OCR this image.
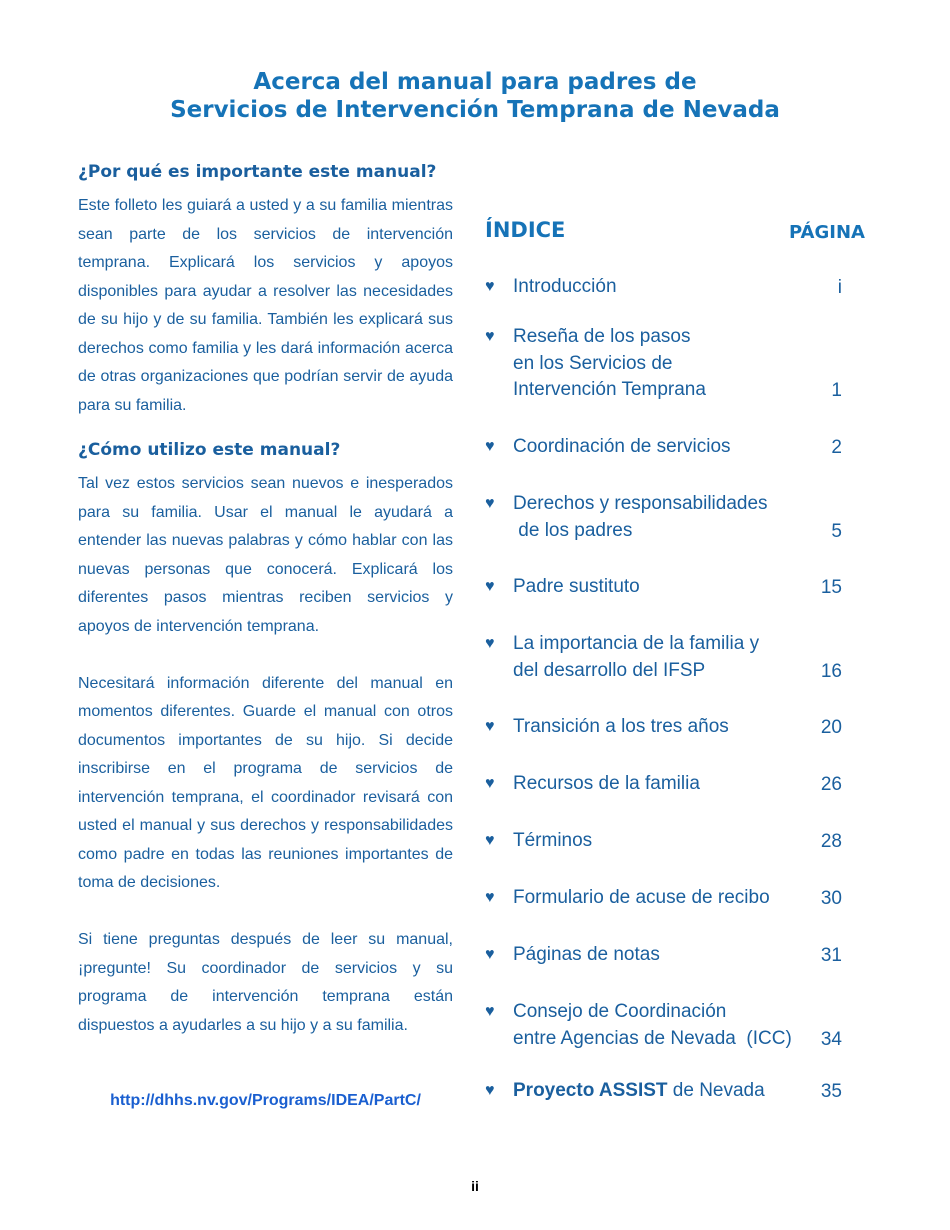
Acerca del manual para padres de
Servicios de Intervención Temprana de Nevada
¿Por qué es importante este manual?

Este folleto les guiará a usted y a su familia mientras sean parte de los servicios de intervención temprana. Explicará los servicios y apoyos disponibles para ayudar a resolver las necesidades de su hijo y de su familia. También les explicará sus derechos como familia y les dará información acerca de otras organizaciones que podrían servir de ayuda para su familia.

¿Cómo utilizo este manual?

Tal vez estos servicios sean nuevos e inesperados para su familia. Usar el manual le ayudará a entender las nuevas palabras y cómo hablar con las nuevas personas que conocerá. Explicará los diferentes pasos mientras reciben servicios y apoyos de intervención temprana.

Necesitará información diferente del manual en momentos diferentes. Guarde el manual con otros documentos importantes de su hijo. Si decide inscribirse en el programa de servicios de intervención temprana, el coordinador revisará con usted el manual y sus derechos y responsabilidades como padre en todas las reuniones importantes de toma de decisiones.

Si tiene preguntas después de leer su manual, ¡pregunte! Su coordinador de servicios y su programa de intervención temprana están dispuestos a ayudarles a su hijo y a su familia.

http://dhhs.nv.gov/Programs/IDEA/PartC/
ÍNDICE	PÁGINA
♥ Introducción	i
♥ Reseña de los pasos
en los Servicios de
Intervención Temprana	1
♥ Coordinación de servicios	2
♥ Derechos y responsabilidades
de los padres	5
♥ Padre sustituto	15
♥ La importancia de la familia y
del desarrollo del IFSP	16
♥ Transición a los tres años	20
♥ Recursos de la familia	26
♥ Términos	28
♥ Formulario de acuse de recibo	30
♥ Páginas de notas	31
♥ Consejo de Coordinación
entre Agencias de Nevada  (ICC) 34
♥ Proyecto ASSIST de Nevada	35
ii
